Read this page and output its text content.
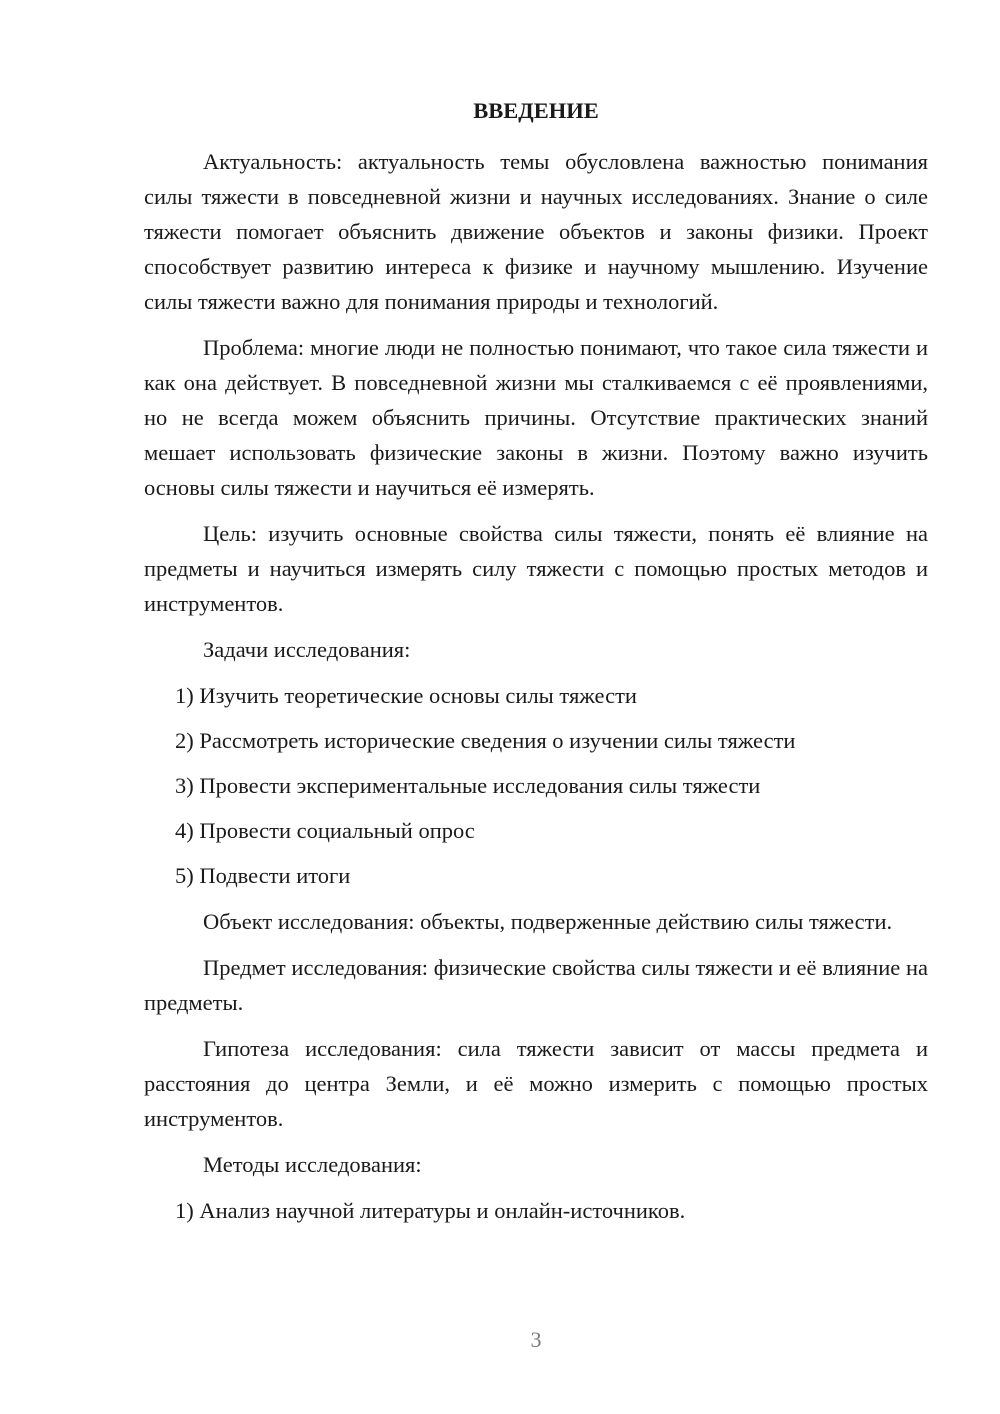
ВВЕДЕНИЕ

Актуальность: актуальность темы обусловлена важностью понимания силы тяжести в повседневной жизни и научных исследованиях. Знание о силе тяжести помогает объяснить движение объектов и законы физики. Проект способствует развитию интереса к физике и научному мышлению. Изучение силы тяжести важно для понимания природы и технологий.

Проблема: многие люди не полностью понимают, что такое сила тяжести и как она действует. В повседневной жизни мы сталкиваемся с её проявлениями, но не всегда можем объяснить причины. Отсутствие практических знаний мешает использовать физические законы в жизни. Поэтому важно изучить основы силы тяжести и научиться её измерять.

Цель: изучить основные свойства силы тяжести, понять её влияние на предметы и научиться измерять силу тяжести с помощью простых методов и инструментов.

Задачи исследования:

1) Изучить теоретические основы силы тяжести
2) Рассмотреть исторические сведения о изучении силы тяжести
3) Провести экспериментальные исследования силы тяжести
4) Провести социальный опрос
5) Подвести итоги

Объект исследования: объекты, подверженные действию силы тяжести.

Предмет исследования: физические свойства силы тяжести и её влияние на предметы.

Гипотеза исследования: сила тяжести зависит от массы предмета и расстояния до центра Земли, и её можно измерить с помощью простых инструментов.

Методы исследования:

1) Анализ научной литературы и онлайн-источников.
3
